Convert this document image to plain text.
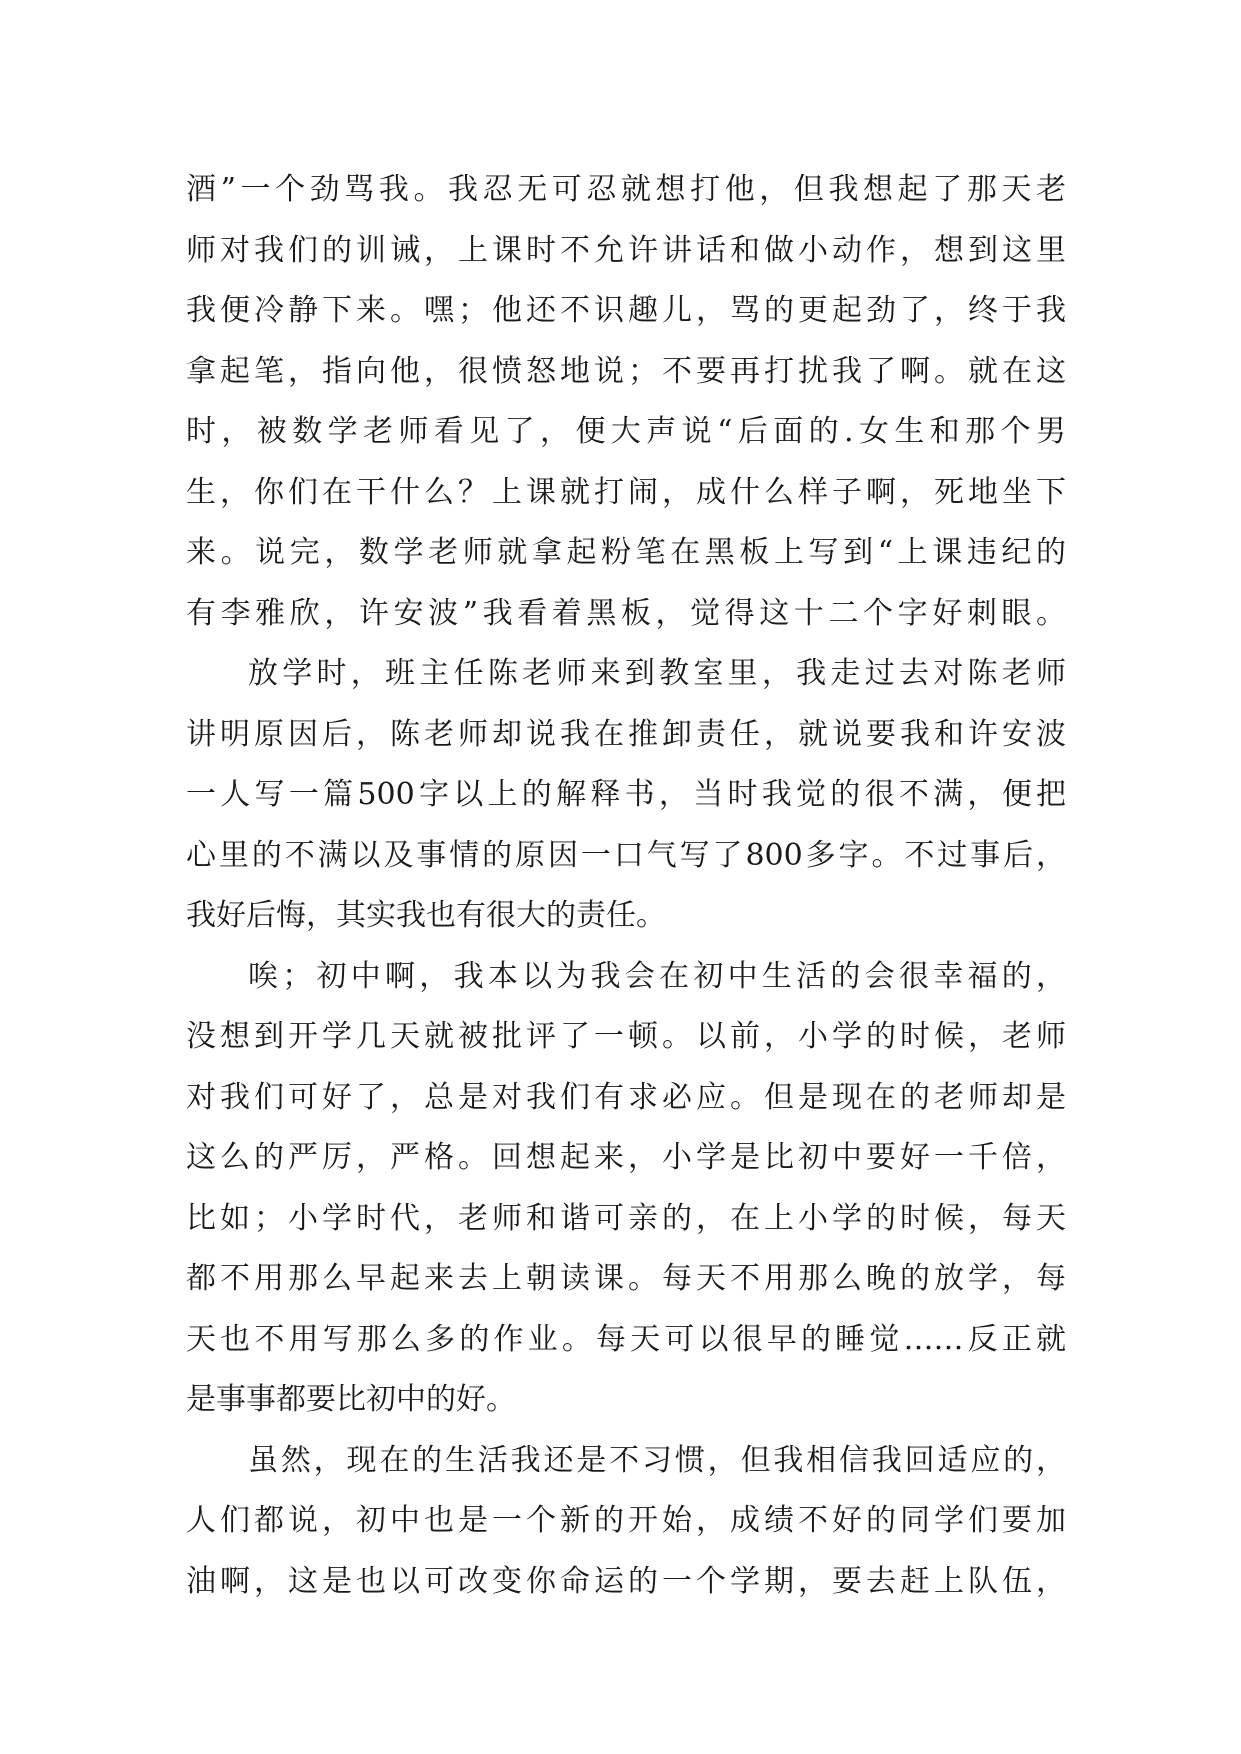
酒”一个劲骂我。我忍无可忍就想打他，但我想起了那天老
师对我们的训诫，上课时不允许讲话和做小动作，想到这里
我便冷静下来。嘿；他还不识趣儿，骂的更起劲了，终于我
拿起笔，指向他，很愤怒地说；不要再打扰我了啊。就在这
时，被数学老师看见了，便大声说“后面的.女生和那个男
生，你们在干什么？上课就打闹，成什么样子啊，死地坐下
来。说完，数学老师就拿起粉笔在黑板上写到“上课违纪的
有李雅欣，许安波”我看着黑板，觉得这十二个字好刺眼。
放学时，班主任陈老师来到教室里，我走过去对陈老师
讲明原因后，陈老师却说我在推卸责任，就说要我和许安波
一人写一篇500字以上的解释书，当时我觉的很不满，便把
心里的不满以及事情的原因一口气写了800多字。不过事后，
我好后悔，其实我也有很大的责任。
唉；初中啊，我本以为我会在初中生活的会很幸福的，
没想到开学几天就被批评了一顿。以前，小学的时候，老师
对我们可好了，总是对我们有求必应。但是现在的老师却是
这么的严厉，严格。回想起来，小学是比初中要好一千倍，
比如；小学时代，老师和谐可亲的，在上小学的时候，每天
都不用那么早起来去上朝读课。每天不用那么晚的放学，每
天也不用写那么多的作业。每天可以很早的睡觉……反正就
是事事都要比初中的好。
虽然，现在的生活我还是不习惯，但我相信我回适应的，
人们都说，初中也是一个新的开始，成绩不好的同学们要加
油啊，这是也以可改变你命运的一个学期，要去赶上队伍，
